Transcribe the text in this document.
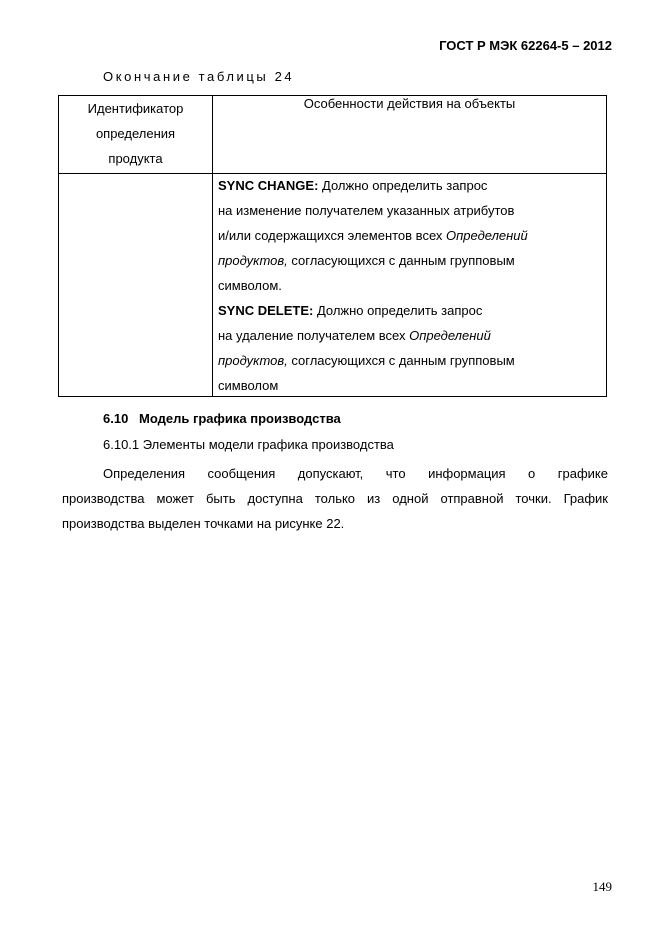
ГОСТ Р МЭК 62264-5 – 2012
Окончание таблицы 24
Идентификатор
определения
продукта
Особенности действия на объекты
SYNC CHANGE: Должно определить запрос
на изменение получателем указанных атрибутов
и/или содержащихся элементов всех Определений
продуктов, согласующихся с данным групповым
символом.
SYNC DELETE: Должно определить запрос
на удаление получателем всех Определений
продуктов, согласующихся с данным групповым
символом
6.10 Модель графика производства
6.10.1 Элементы модели графика производства
Определения сообщения допускают, что информация о графике
производства может быть доступна только из одной отправной точки. График
производства выделен точками на рисунке 22.
149
